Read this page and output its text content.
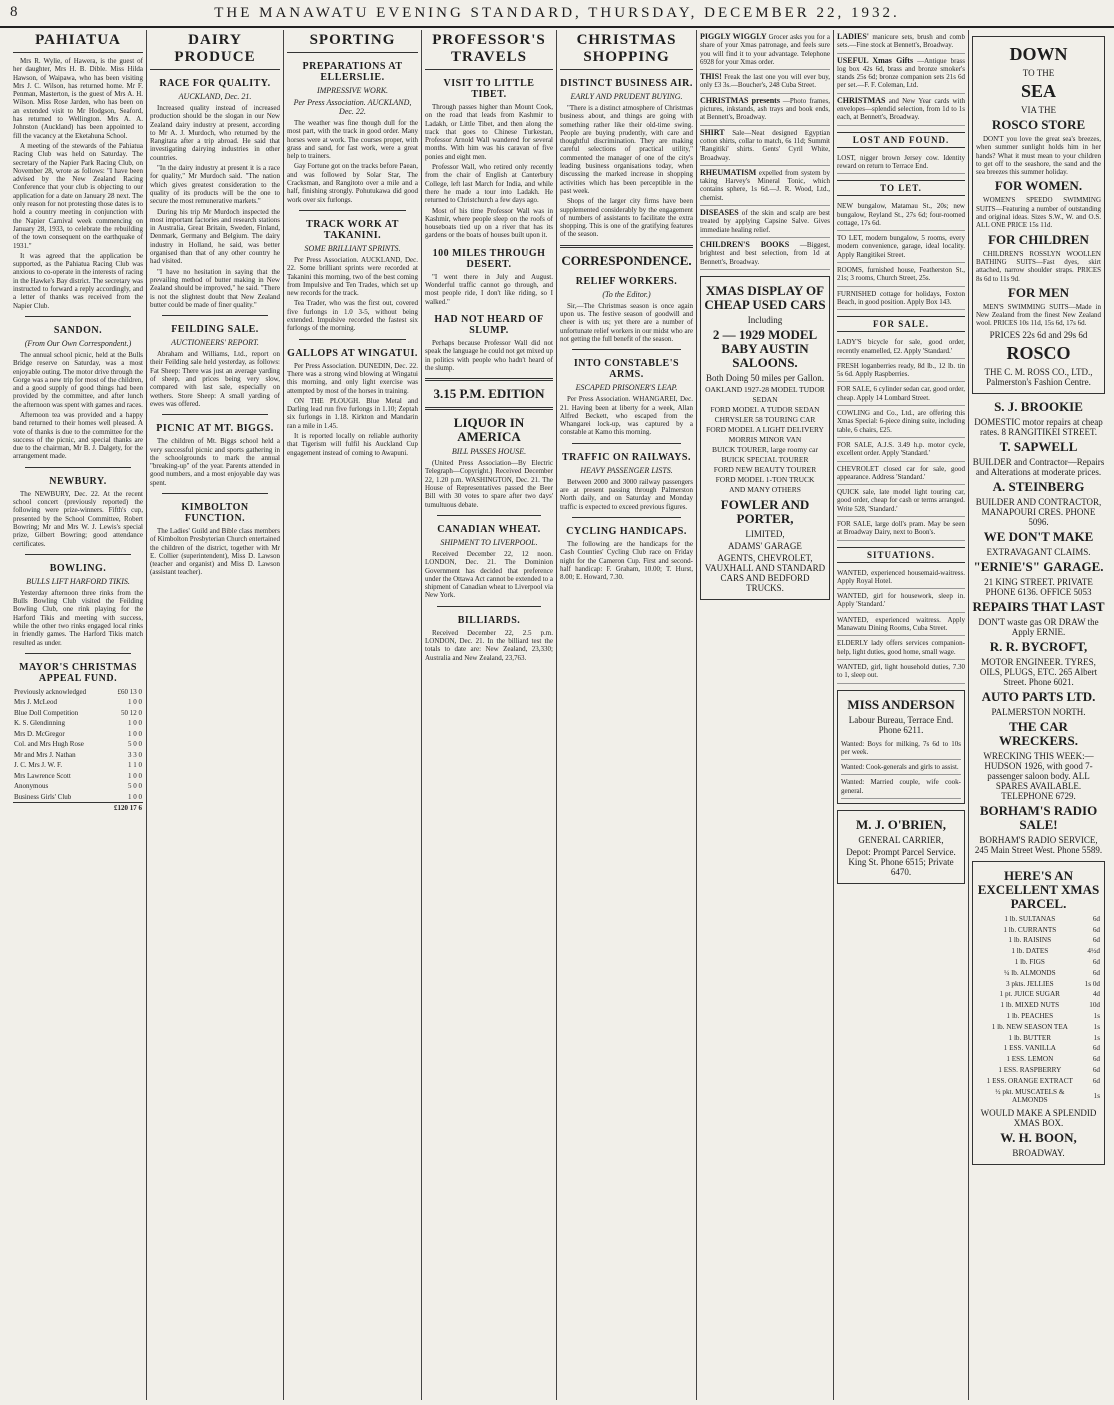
8	THE MANAWATU EVENING STANDARD, THURSDAY, DECEMBER 22, 1932.
PAHIATUA

Mrs R. Wylie, of Hawera, is the guest of her daughter, Mrs H. B. Dible. Miss Hilda Hawson, of Waipawa, who has been visiting Mrs J. C. Wilson, has returned home. Mr F. Penman, Masterton, is the guest of Mrs A. H. Wilson. Miss Rose Jarden, who has been on an extended visit to Mr Hodgson, Seaford, has returned to Wellington. Mrs A. A. Johnston (Auckland) has been appointed to fill the vacancy at the Eketahuna School.

A meeting of the stewards of the Pahiatua Racing Club was held on Saturday. The secretary of the Napier Park Racing Club, on November 28, wrote as follows: "I have been advised by the New Zealand Racing Conference that your club is objecting to our application for a date on January 28 next. The only reason for not protesting those dates is to hold a country meeting in conjunction with the Napier Carnival week commencing on January 28, 1933, to celebrate the rebuilding of the town consequent on the earthquake of 1931."

It was agreed that the application be supported, as the Pahiatua Racing Club was anxious to co-operate in the interests of racing in the Hawke's Bay district. The secretary was instructed to forward a reply accordingly, and a letter of thanks was received from the Napier Club.

SANDON.
(From Our Own Correspondent.)

The annual school picnic, held at the Bulls Bridge reserve on Saturday, was a most enjoyable outing. The motor drive through the Gorge was a new trip for most of the children, and a good supply of good things had been provided by the committee, and after lunch the afternoon was spent with games and races.

Afternoon tea was provided and a happy band returned to their homes well pleased. A vote of thanks is due to the committee for the success of the picnic, and special thanks are due to the chairman, Mr B. J. Dalgety, for the arrangement made.

NEWBURY.

The NEWBURY, Dec. 22. At the recent school concert (previously reported) the following were prize-winners. Fifth's cup, presented by the School Committee, Robert Bowring; Mr and Mrs W. J. Lewis's special prize, Gilbert Bowring; good attendance certificates.

BOWLING.
BULLS LIFT HARFORD TIKIS.

Yesterday afternoon three rinks from the Bulls Bowling Club visited the Feilding Bowling Club, one rink playing for the Harford Tikis and meeting with success, while the other two rinks engaged local rinks in friendly games. The Harford Tikis match resulted as under.

MAYOR'S CHRISTMAS APPEAL FUND.
Previously acknowledged	£60 13 0
Mrs J. McLeod	1 0 0
Blue Doll Competition	50 12 0
K. S. Glendinning	1 0 0
Mrs D. McGregor	1 0 0
Col. and Mrs Hugh Rose	5 0 0
Mr and Mrs J. Nathan	3 3 0
J. C. Mrs J. W. F.	1 1 0
Mrs Lawrence Scott	1 0 0
Anonymous	5 0 0
Business Girls' Club	1 0 0
	£120 17 6
DAIRY PRODUCE
RACE FOR QUALITY.
AUCKLAND, Dec. 21.

Increased quality instead of increased production should be the slogan in our New Zealand dairy industry at present, according to Mr A. J. Murdoch, who returned by the Rangitata after a trip abroad. He said that investigating dairying industries in other countries.

"In the dairy industry at present it is a race for quality," Mr Murdoch said. "The nation which gives greatest consideration to the quality of its products will be the one to secure the most remunerative markets."

During his trip Mr Murdoch inspected the most important factories and research stations in Australia, Great Britain, Sweden, Finland, Denmark, Germany and Belgium. The dairy industry in Holland, he said, was better organised than that of any other country he had visited.

"I have no hesitation in saying that the prevailing method of butter making in New Zealand should be improved," he said. "There is not the slightest doubt that New Zealand butter could be made of finer quality."

FEILDING SALE.
AUCTIONEERS' REPORT.

Abraham and Williams, Ltd., report on their Feilding sale held yesterday, as follows: Fat Sheep: There was just an average yarding of sheep, and prices being very slow, compared with last sale, especially on wethers. Store Sheep: A small yarding of ewes was offered.

PICNIC AT MT. BIGGS.

The children of Mt. Biggs school held a very successful picnic and sports gathering in the schoolgrounds to mark the annual "breaking-up" of the year. Parents attended in good numbers, and a most enjoyable day was spent.

KIMBOLTON FUNCTION.

The Ladies' Guild and Bible class members of Kimbolton Presbyterian Church entertained the children of the district, together with Mr E. Collier (superintendent), Miss D. Lawson (teacher and organist) and Miss D. Lawson (assistant teacher).

SPORTING
PREPARATIONS AT ELLERSLIE.
IMPRESSIVE WORK.
Per Press Association. AUCKLAND, Dec. 22.

The weather was fine though dull for the most part, with the track in good order. Many horses were at work. The courses proper, with grass and sand, for fast work, were a great help to trainers.

Gay Fortune got on the tracks before Paean, and was followed by Solar Star, The Cracksman, and Rangitoto over a mile and a half, finishing strongly. Pohutukawa did good work over six furlongs.

TRACK WORK AT TAKANINI.
SOME BRILLIANT SPRINTS.

Per Press Association. AUCKLAND, Dec. 22. Some brilliant sprints were recorded at Takanini this morning, two of the best coming from Impulsive and Ten Trades, which set up new records for the track.

Tea Trader, who was the first out, covered five furlongs in 1.0 3-5, without being extended. Impulsive recorded the fastest six furlongs of the morning.

GALLOPS AT WINGATUI.

Per Press Association. DUNEDIN, Dec. 22. There was a strong wind blowing at Wingatui this morning, and only light exercise was attempted by most of the horses in training.

ON THE PLOUGH. Blue Metal and Darling lead run five furlongs in 1.10; Zeptah six furlongs in 1.18. Kirkton and Mandarin ran a mile in 1.45.

It is reported locally on reliable authority that Tigerism will fulfil his Auckland Cup engagement instead of coming to Awapuni.

PROFESSOR'S TRAVELS
VISIT TO LITTLE TIBET.

Through passes higher than Mount Cook, on the road that leads from Kashmir to Ladakh, or Little Tibet, and then along the track that goes to Chinese Turkestan, Professor Arnold Wall wandered for several months. With him was his caravan of five ponies and eight men.

Professor Wall, who retired only recently from the chair of English at Canterbury College, left last March for India, and while there he made a tour into Ladakh. He returned to Christchurch a few days ago.

Most of his time Professor Wall was in Kashmir, where people sleep on the roofs of houseboats tied up on a river that has its gardens or the boats of houses built upon it.

100 MILES THROUGH DESERT.

"I went there in July and August. Wonderful traffic cannot go through, and most people ride, I don't like riding, so I walked."

HAD NOT HEARD OF SLUMP.

Perhaps because Professor Wall did not speak the language he could not get mixed up in politics with people who hadn't heard of the slump.

3.15 P.M. EDITION
LIQUOR IN AMERICA
BILL PASSES HOUSE.

(United Press Association—By Electric Telegraph—Copyright.) Received December 22, 1.20 p.m. WASHINGTON, Dec. 21. The House of Representatives passed the Beer Bill with 30 votes to spare after two days' tumultuous debate.

CANADIAN WHEAT.
SHIPMENT TO LIVERPOOL.

Received December 22, 12 noon. LONDON, Dec. 21. The Dominion Government has decided that preference under the Ottawa Act cannot be extended to a shipment of Canadian wheat to Liverpool via New York.

BILLIARDS.

Received December 22, 2.5 p.m. LONDON, Dec. 21. In the billiard test the totals to date are: New Zealand, 23,330; Australia and New Zealand, 23,763.

CHRISTMAS SHOPPING
DISTINCT BUSINESS AIR.
EARLY AND PRUDENT BUYING.

"There is a distinct atmosphere of Christmas business about, and things are going with something rather like their old-time swing. People are buying prudently, with care and thoughtful discrimination. They are making careful selections of practical utility," commented the manager of one of the city's leading business organisations today, when discussing the marked increase in shopping activities which has been perceptible in the past week.

Shops of the larger city firms have been supplemented considerably by the engagement of numbers of assistants to facilitate the extra shopping. This is one of the gratifying features of the season.

CORRESPONDENCE.
RELIEF WORKERS.
(To the Editor.)

Sir,—The Christmas season is once again upon us. The festive season of goodwill and cheer is with us; yet there are a number of unfortunate relief workers in our midst who are not getting the full benefit of the season.

INTO CONSTABLE'S ARMS.
ESCAPED PRISONER'S LEAP.

Per Press Association. WHANGAREI, Dec. 21. Having been at liberty for a week, Allan Alfred Beckett, who escaped from the Whangarei lock-up, was captured by a constable at Kamo this morning.

TRAFFIC ON RAILWAYS.
HEAVY PASSENGER LISTS.

Between 2000 and 3000 railway passengers are at present passing through Palmerston North daily, and on Saturday and Monday traffic is expected to exceed previous figures.

CYCLING HANDICAPS.

The following are the handicaps for the Cash Counties' Cycling Club race on Friday night for the Cameron Cup. First and second-half handicap: F. Graham, 10.00; T. Hurst, 8.00; E. Howard, 7.30.

PIGGLY WIGGLY Grocer asks you for a share of your Xmas patronage, and feels sure you will find it to your advantage. Telephone 6928 for your Xmas order.

THIS! Freak the last one you will ever buy, only £3 3s.—Boucher's, 248 Cuba Street.

CHRISTMAS presents —Photo frames, pictures, inkstands, ash trays and book ends, at Bennett's, Broadway.

SHIRT Sale—Neat designed Egyptian cotton shirts, collar to match, 6s 11d; Summit 'Rangitiki' shirts. Gents' Cyril White, Broadway.

RHEUMATISM expelled from system by taking Harvey's Mineral Tonic, which contains sphere, 1s 6d.—J. R. Wood, Ltd., chemist.

DISEASES of the skin and scalp are best treated by applying Capsine Salve. Gives immediate healing relief.

CHILDREN'S BOOKS —Biggest, brightest and best selection, from 1d at Bennett's, Broadway.

XMAS DISPLAY OF CHEAP USED CARS
Including
2 — 1929 MODEL BABY AUSTIN SALOONS.
Both Doing 50 miles per Gallon.

OAKLAND 1927-28 MODEL TUDOR SEDAN

FORD MODEL A TUDOR SEDAN

CHRYSLER 58 TOURING CAR

FORD MODEL A LIGHT DELIVERY

MORRIS MINOR VAN

BUICK TOURER, large roomy car

BUICK SPECIAL TOURER

FORD NEW BEAUTY TOURER

FORD MODEL 1-TON TRUCK

AND MANY OTHERS

FOWLER AND PORTER,
LIMITED,
ADAMS' GARAGE
AGENTS, CHEVROLET, VAUXHALL AND STANDARD CARS AND BEDFORD TRUCKS.

LADIES' manicure sets, brush and comb sets.—Fine stock at Bennett's, Broadway.

USEFUL Xmas Gifts —Antique brass log box 42s 6d, brass and bronze smoker's stands 25s 6d; bronze companion sets 21s 6d per set.—F. F. Coleman, Ltd.

CHRISTMAS and New Year cards with envelopes—splendid selection, from 1d to 1s each, at Bennett's, Broadway.

LOST AND FOUND.

LOST, nigger brown Jersey cow. Identity reward on return to Terrace End.

TO LET.

NEW bungalow, Matamau St., 20s; new bungalow, Reyland St., 27s 6d; four-roomed cottage, 17s 6d.

TO LET, modern bungalow, 5 rooms, every modern convenience, garage, ideal locality. Apply Rangitikei Street.

ROOMS, furnished house, Featherston St., 21s; 3 rooms, Church Street, 25s.

FURNISHED cottage for holidays, Foxton Beach, in good position. Apply Box 143.

FOR SALE.

LADY'S bicycle for sale, good order, recently enamelled, £2. Apply 'Standard.'

FRESH loganberries ready, 8d lb., 12 lb. tin 5s 6d. Apply Raspberries.

FOR SALE, 6 cylinder sedan car, good order, cheap. Apply 14 Lombard Street.

COWLING and Co., Ltd., are offering this Xmas Special: 6-piece dining suite, including table, 6 chairs, £25.

FOR SALE, A.J.S. 3.49 h.p. motor cycle, excellent order. Apply 'Standard.'

CHEVROLET closed car for sale, good appearance. Address 'Standard.'

QUICK sale, late model light touring car, good order, cheap for cash or terms arranged. Write 528, 'Standard.'

FOR SALE, large doll's pram. May be seen at Broadway Dairy, next to Boon's.

SITUATIONS.

WANTED, experienced housemaid-waitress. Apply Royal Hotel.

WANTED, girl for housework, sleep in. Apply 'Standard.'

WANTED, experienced waitress. Apply Manawatu Dining Rooms, Cuba Street.

ELDERLY lady offers services companion-help, light duties, good home, small wage.

WANTED, girl, light household duties, 7.30 to 1, sleep out.

MISS ANDERSON
Labour Bureau, Terrace End. Phone 6211.

Wanted: Boys for milking, 7s 6d to 10s per week.

Wanted: Cook-generals and girls to assist.

Wanted: Married couple, wife cook-general.

M. J. O'BRIEN,
GENERAL CARRIER,
Depot: Prompt Parcel Service. King St. Phone 6515; Private 6470.
DOWN
TO THE
SEA
VIA THE
ROSCO STORE

DON'T you love the great sea's breezes, when summer sunlight holds him in her hands? What it must mean to your children to get off to the seashore, the sand and the sea breezes this summer holiday.

FOR WOMEN.

WOMEN'S SPEEDO SWIMMING SUITS—Featuring a number of outstanding and original ideas. Sizes S.W., W. and O.S. ALL ONE PRICE 15s 11d.

FOR CHILDREN

CHILDREN'S ROSSLYN WOOLLEN BATHING SUITS—Fast dyes, skirt attached, narrow shoulder straps. PRICES 8s 6d to 11s 9d.

FOR MEN

MEN'S SWIMMING SUITS—Made in New Zealand from the finest New Zealand wool. PRICES 10s 11d, 15s 6d, 17s 6d.

PRICES 22s 6d and 29s 6d
ROSCO
THE C. M. ROSS CO., LTD., Palmerston's Fashion Centre.
S. J. BROOKIE
DOMESTIC motor repairs at cheap rates. 8 RANGITIKEI STREET.
T. SAPWELL
BUILDER and Contractor—Repairs and Alterations at moderate prices.
A. STEINBERG
BUILDER AND CONTRACTOR, MANAPOURI CRES. PHONE 5096.
WE DON'T MAKE
EXTRAVAGANT CLAIMS.
"ERNIE'S" GARAGE.
21 KING STREET. PRIVATE PHONE 6136. OFFICE 5053
REPAIRS THAT LAST
DON'T waste gas OR DRAW the Apply ERNIE.
R. R. BYCROFT,
MOTOR ENGINEER. TYRES, OILS, PLUGS, ETC. 265 Albert Street. Phone 6021.
AUTO PARTS LTD.
PALMERSTON NORTH.
THE CAR WRECKERS.
WRECKING THIS WEEK:— HUDSON 1926, with good 7-passenger saloon body. ALL SPARES AVAILABLE. TELEPHONE 6729.
BORHAM'S RADIO SALE!
BORHAM'S RADIO SERVICE, 245 Main Street West. Phone 5589.
HERE'S AN EXCELLENT XMAS PARCEL.
1 lb. SULTANAS	6d
1 lb. CURRANTS	6d
1 lb. RAISINS	6d
1 lb. DATES	4½d
1 lb. FIGS	6d
¼ lb. ALMONDS	6d
3 pkts. JELLIES	1s 0d
1 pt. JUICE SUGAR	4d
1 lb. MIXED NUTS	10d
1 lb. PEACHES	1s
1 lb. NEW SEASON TEA	1s
1 lb. BUTTER	1s
1 ESS. VANILLA	6d
1 ESS. LEMON	6d
1 ESS. RASPBERRY	6d
1 ESS. ORANGE EXTRACT	6d
½ pkt. MUSCATELS & ALMONDS	1s
WOULD MAKE A SPLENDID XMAS BOX.
W. H. BOON,
BROADWAY.
